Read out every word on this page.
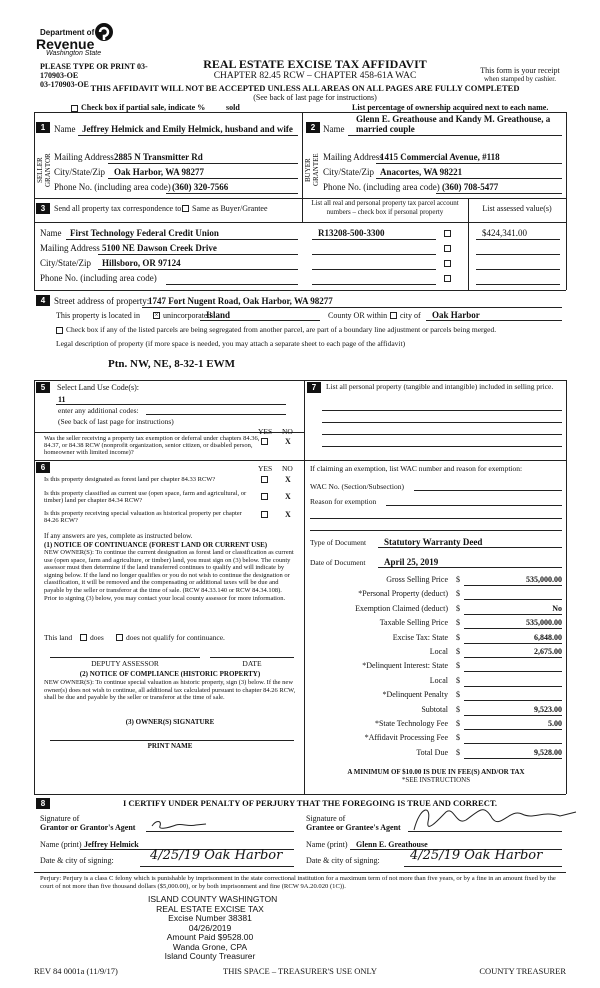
Department of
Revenue
Washington State
PLEASE TYPE OR PRINT 03-
170903-OE
03-170903-OE
REAL ESTATE EXCISE TAX AFFIDAVIT
CHAPTER 82.45 RCW – CHAPTER 458-61A WAC
This form is your receipt
when stamped by cashier.
THIS AFFIDAVIT WILL NOT BE ACCEPTED UNLESS ALL AREAS ON ALL PAGES ARE FULLY COMPLETED
(See back of last page for instructions)
Check box if partial sale, indicate %	sold	List percentage of ownership acquired next to each name.
1 Name Jeffrey Helmick and Emily Helmick, husband and wife
SELLER GRANTOR Mailing Address 2885 N Transmitter Rd
City/State/Zip Oak Harbor, WA 98277
Phone No. (including area code) (360) 320-7566
Glenn E. Greathouse and Kandy M. Greathouse, a
2 Name married couple
BUYER GRANTEE Mailing Address
1415 Commercial Avenue, #118
City/State/Zip Anacortes, WA 98221
Phone No. (including area code) (360) 708-5477
3	Send all property tax correspondence to: Same as Buyer/Grantee
List all real and personal property tax parcel account
numbers – check box if personal property	List assessed value(s)
Name First Technology Federal Credit Union
Mailing Address 5100 NE Dawson Creek Drive
City/State/Zip Hillsboro, OR 97124
Phone No. (including area code)
R13208-500-3300	$424,341.00
4 Street address of property:
1747 Fort Nugent Road, Oak Harbor, WA 98277
This property is located in × unincorporated
Island	County OR within city of Oak Harbor
Check box if any of the listed parcels are being segregated from another parcel, are part of a boundary line adjustment or parcels being merged.
Legal description of property (if more space is needed, you may attach a separate sheet to each page of the affidavit)
Ptn. NW, NE, 8-32-1 EWM
5	Select Land Use Code(s):
11
enter any additional codes:
(See back of last page for instructions)
YES NO
Was the seller receiving a property tax exemption or deferral under chapters 84.36, 84.37, or 84.38 RCW (nonprofit organization, senior citizen, or disabled person, homeowner with limited income)?
X
6	YES NO
Is this property designated as forest land per chapter 84.33 RCW?	X
Is this property classified as current use (open space, farm and agricultural, or timber) land per chapter 84.34 RCW?	X
Is this property receiving special valuation as historical property per chapter 84.26 RCW?
X
If any answers are yes, complete as instructed below.
(1) NOTICE OF CONTINUANCE (FOREST LAND OR CURRENT USE)
NEW OWNER(S): To continue the current designation as forest land or classification as current use (open space, farm and agriculture, or timber) land, you must sign on (3) below. The county assessor must then determine if the land transferred continues to qualify and will indicate by signing below. If the land no longer qualifies or you do not wish to continue the designation or classification, it will be removed and the compensating or additional taxes will be due and payable by the seller or transferor at the time of sale. (RCW 84.33.140 or RCW 84.34.108). Prior to signing (3) below, you may contact your local county assessor for more information.
This land does	does not qualify for continuance.
DEPUTY ASSESSOR	DATE
(2) NOTICE OF COMPLIANCE (HISTORIC PROPERTY)
NEW OWNER(S): To continue special valuation as historic property, sign (3) below. If the new owner(s) does not wish to continue, all additional tax calculated pursuant to chapter 84.26 RCW, shall be due and payable by the seller or transferor at the time of sale.
(3) OWNER(S) SIGNATURE
PRINT NAME
7	List all personal property (tangible and intangible) included in selling price.
If claiming an exemption, list WAC number and reason for exemption:
WAC No. (Section/Subsection)
Reason for exemption
Type of Document Statutory Warranty Deed
Date of Document April 25, 2019
Gross Selling Price $	535,000.00
*Personal Property (deduct) $
Exemption Claimed (deduct) $	No
Taxable Selling Price $	535,000.00
Excise Tax: State $	6,848.00
Local $	2,675.00
*Delinquent Interest: State $
Local $
*Delinquent Penalty $
Subtotal $	9,523.00
*State Technology Fee $	5.00
*Affidavit Processing Fee $
Total Due $	9,528.00
A MINIMUM OF $10.00 IS DUE IN FEE(S) AND/OR TAX
*SEE INSTRUCTIONS
8	I CERTIFY UNDER PENALTY OF PERJURY THAT THE FOREGOING IS TRUE AND CORRECT.
Signature of
Grantor or Grantor's Agent
Signature of
Grantee or Grantee's Agent
Name (print) Jeffrey Helmick	Name (print) Glenn E. Greathouse
Date & city of signing:	4/25/19 Oak Harbor	Date & city of signing: 4/25/19 Oak Harbor
Perjury: Perjury is a class C felony which is punishable by imprisonment in the state correctional institution for a maximum term of not more than five years, or by a fine in an amount fixed by the court of not more than five thousand dollars ($5,000.00), or by both imprisonment and fine (RCW 9A.20.020 (1C)).
ISLAND COUNTY WASHINGTON
REAL ESTATE EXCISE TAX
Excise Number 38381
04/26/2019
Amount Paid $9528.00
Wanda Grone, CPA
Island County Treasurer
REV 84 0001a (11/9/17)	THIS SPACE – TREASURER'S USE ONLY	COUNTY TREASURER
